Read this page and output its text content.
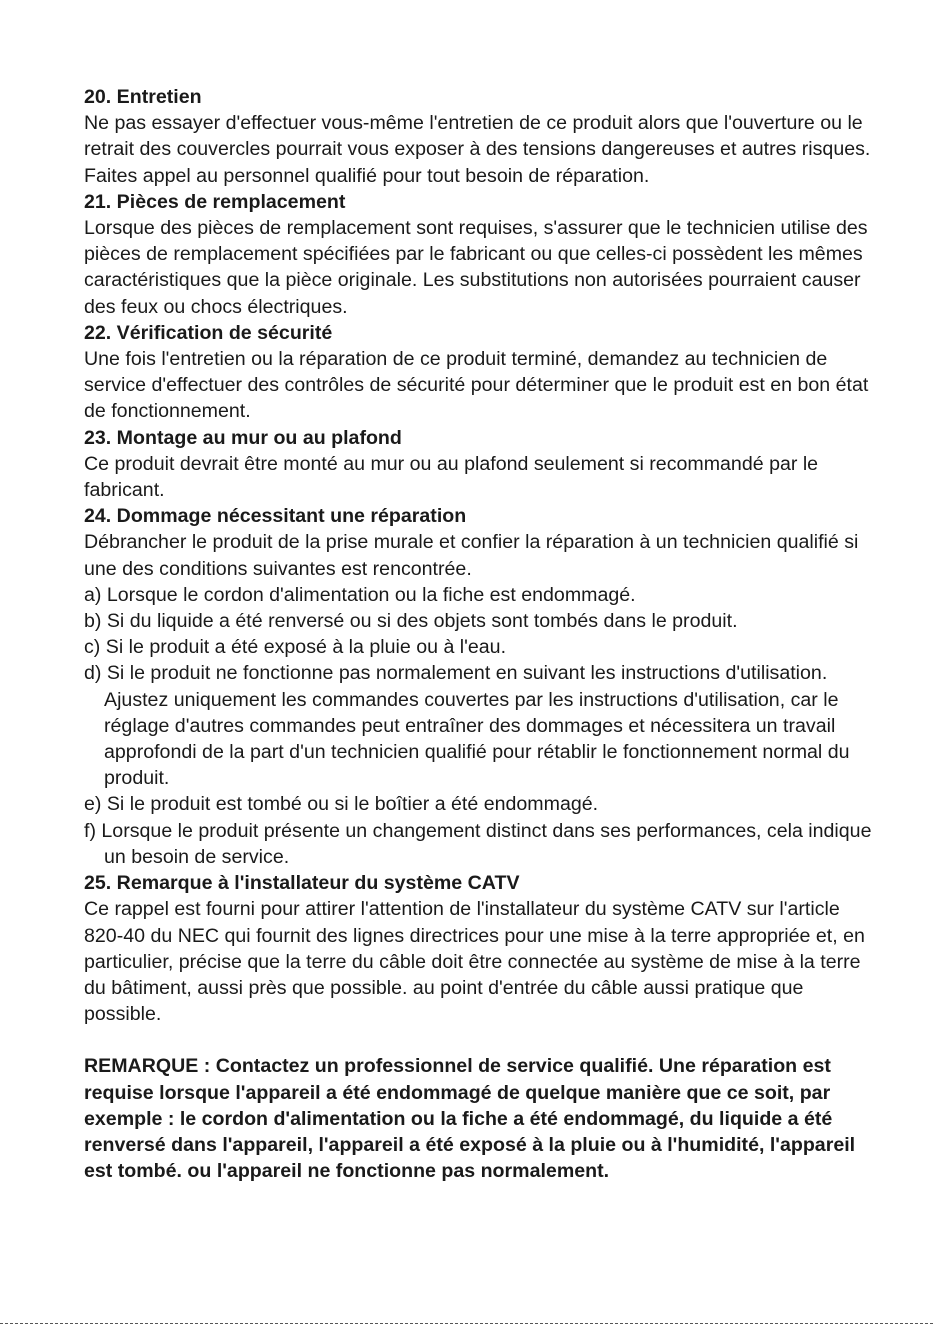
20. Entretien

Ne pas essayer d'effectuer vous-même l'entretien de ce produit alors que l'ouverture ou le retrait des couvercles pourrait vous exposer à des tensions dangereuses et autres risques. Faites appel au personnel qualifié pour tout besoin de réparation.

21. Pièces de remplacement

Lorsque des pièces de remplacement sont requises, s'assurer que le technicien utilise des pièces de remplacement spécifiées par le fabricant ou que celles-ci possèdent les mêmes caractéristiques que la pièce originale. Les substitutions non autorisées pourraient causer des feux ou chocs électriques.

22. Vérification de sécurité

Une fois l'entretien ou la réparation de ce produit terminé, demandez au technicien de service d'effectuer des contrôles de sécurité pour déterminer que le produit est en bon état de fonctionnement.

23. Montage au mur ou au plafond

Ce produit devrait être monté au mur ou au plafond seulement si recommandé par le fabricant.

24. Dommage nécessitant une réparation

Débrancher le produit de la prise murale et confier la réparation à un technicien qualifié si une des conditions suivantes est rencontrée.

a) Lorsque le cordon d'alimentation ou la fiche est endommagé.

b) Si du liquide a été renversé ou si des objets sont tombés dans le produit.

c) Si le produit a été exposé à la pluie ou à l'eau.

d) Si le produit ne fonctionne pas normalement en suivant les instructions d'utilisation. Ajustez uniquement les commandes couvertes par les instructions d'utilisation, car le réglage d'autres commandes peut entraîner des dommages et nécessitera un travail approfondi de la part d'un technicien qualifié pour rétablir le fonctionnement normal du produit.

e) Si le produit est tombé ou si le boîtier a été endommagé.

f) Lorsque le produit présente un changement distinct dans ses performances, cela indique un besoin de service.

25. Remarque à l'installateur du système CATV

Ce rappel est fourni pour attirer l'attention de l'installateur du système CATV sur l'article 820-40 du NEC qui fournit des lignes directrices pour une mise à la terre appropriée et, en particulier, précise que la terre du câble doit être connectée au système de mise à la terre du bâtiment, aussi près que possible. au point d'entrée du câble aussi pratique que possible.

REMARQUE : Contactez un professionnel de service qualifié. Une réparation est requise lorsque l'appareil a été endommagé de quelque manière que ce soit, par exemple : le cordon d'alimentation ou la fiche a été endommagé, du liquide a été renversé dans l'appareil, l'appareil a été exposé à la pluie ou à l'humidité, l'appareil est tombé. ou l'appareil ne fonctionne pas normalement.
